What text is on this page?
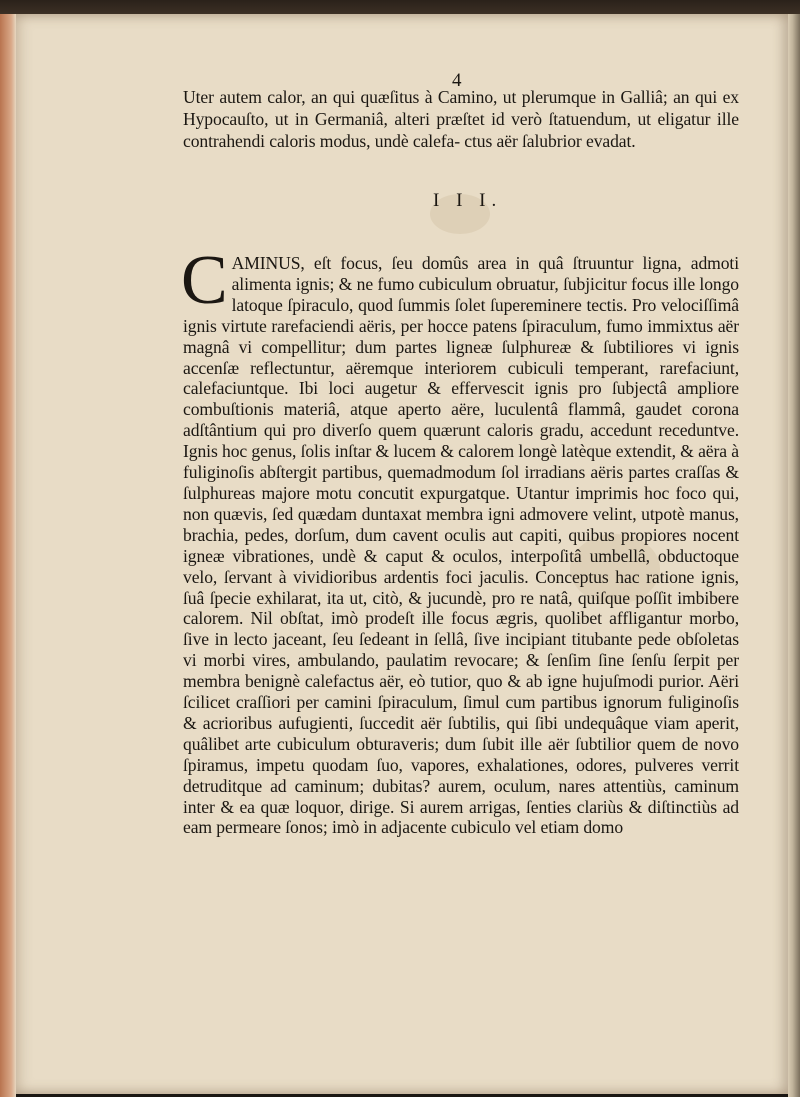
4
Uter autem calor, an qui quæſitus à Camino, ut plerumque in Galliâ; an qui ex Hypocauſto, ut in Germaniâ, alteri præſtet id verò ſtatuendum, ut eligatur ille contrahendi caloris modus, undè calefa- ctus aër ſalubrior evadat.
I I I.
C AMINUS, eſt focus, ſeu domûs area in quâ ſtruuntur ligna, admoti alimenta ignis; & ne fumo cubiculum obruatur, ſubjicitur focus ille longo latoque ſpiraculo, quod ſummis ſolet ſupereminere tectis. Pro velociſſimâ ignis virtute rarefaciendi aëris, per hocce patens ſpiraculum, fumo immixtus aër magnâ vi compellitur; dum partes ligneæ ſulphureæ & ſubtiliores vi ignis accenſæ reflectuntur, aëremque interiorem cubiculi temperant, rarefaciunt, calefaciuntque. Ibi loci augetur & effervescit ignis pro ſubjectâ ampliore combuſtionis materiâ, atque aperto aëre, luculentâ flammâ, gaudet corona adſtântium qui pro diverſo quem quærunt caloris gradu, accedunt receduntve. Ignis hoc genus, ſolis inſtar & lucem & calorem longè latèque extendit, & aëra à fuliginoſis abſtergit partibus, quemadmodum ſol irradians aëris partes craſſas & ſulphureas majore motu concutit expurgatque. Utantur imprimis hoc foco qui, non quævis, ſed quædam duntaxat membra igni admovere velint, utpotè manus, brachia, pedes, dorſum, dum cavent oculis aut capiti, quibus propiores nocent igneæ vibrationes, undè & caput & oculos, interpoſitâ umbellâ, obductoque velo, ſervant à vividioribus ardentis foci jaculis. Conceptus hac ratione ignis, ſuâ ſpecie exhilarat, ita ut, citò, & jucundè, pro re natâ, quiſque poſſit imbibere calorem. Nil obſtat, imò prodeſt ille focus ægris, quolibet affligantur morbo, ſive in lecto jaceant, ſeu ſedeant in ſellâ, ſive incipiant titubante pede obſoletas vi morbi vires, ambulando, paulatim revocare; & ſenſim ſine ſenſu ſerpit per membra benignè calefactus aër, eò tutior, quo & ab igne hujuſmodi purior. Aëri ſcilicet craſſiori per camini ſpiraculum, ſimul cum partibus ignorum fuliginoſis & acrioribus aufugienti, ſuccedit aër ſubtilis, qui ſibi undequâque viam aperit, quâlibet arte cubiculum obturaveris; dum ſubit ille aër ſubtilior quem de novo ſpiramus, impetu quodam ſuo, vapores, exhalationes, odores, pulveres verrit detruditque ad caminum; dubitas? aurem, oculum, nares attentiùs, caminum inter & ea quæ loquor, dirige. Si aurem arrigas, ſenties clariùs & diſtinctiùs ad eam permeare ſonos; imò in adjacente cubiculo vel etiam domo
